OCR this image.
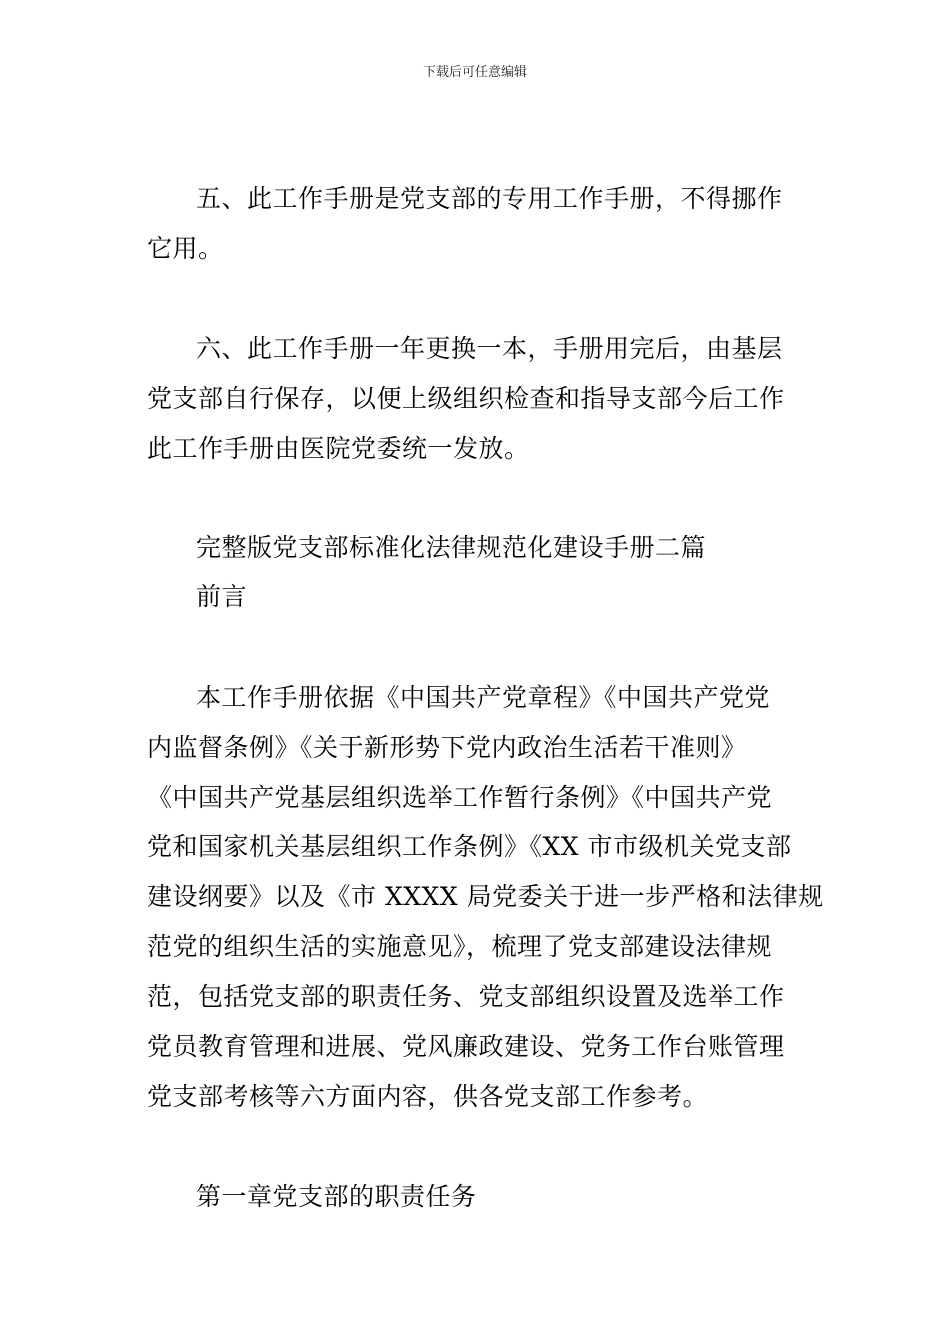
下载后可任意编辑
五、此工作手册是党支部的专用工作手册，不得挪作
它用。
六、此工作手册一年更换一本，手册用完后，由基层
党支部自行保存，以便上级组织检查和指导支部今后工作
此工作手册由医院党委统一发放。
完整版党支部标准化法律规范化建设手册二篇
前言
本工作手册依据《中国共产党章程》《中国共产党党
内监督条例》《关于新形势下党内政治生活若干准则》
《中国共产党基层组织选举工作暂行条例》《中国共产党
党和国家机关基层组织工作条例》《XX 市市级机关党支部
建设纲要》以及《市 XXXX 局党委关于进一步严格和法律规
范党的组织生活的实施意见》，梳理了党支部建设法律规
范，包括党支部的职责任务、党支部组织设置及选举工作
党员教育管理和进展、党风廉政建设、党务工作台账管理
党支部考核等六方面内容，供各党支部工作参考。
第一章党支部的职责任务
